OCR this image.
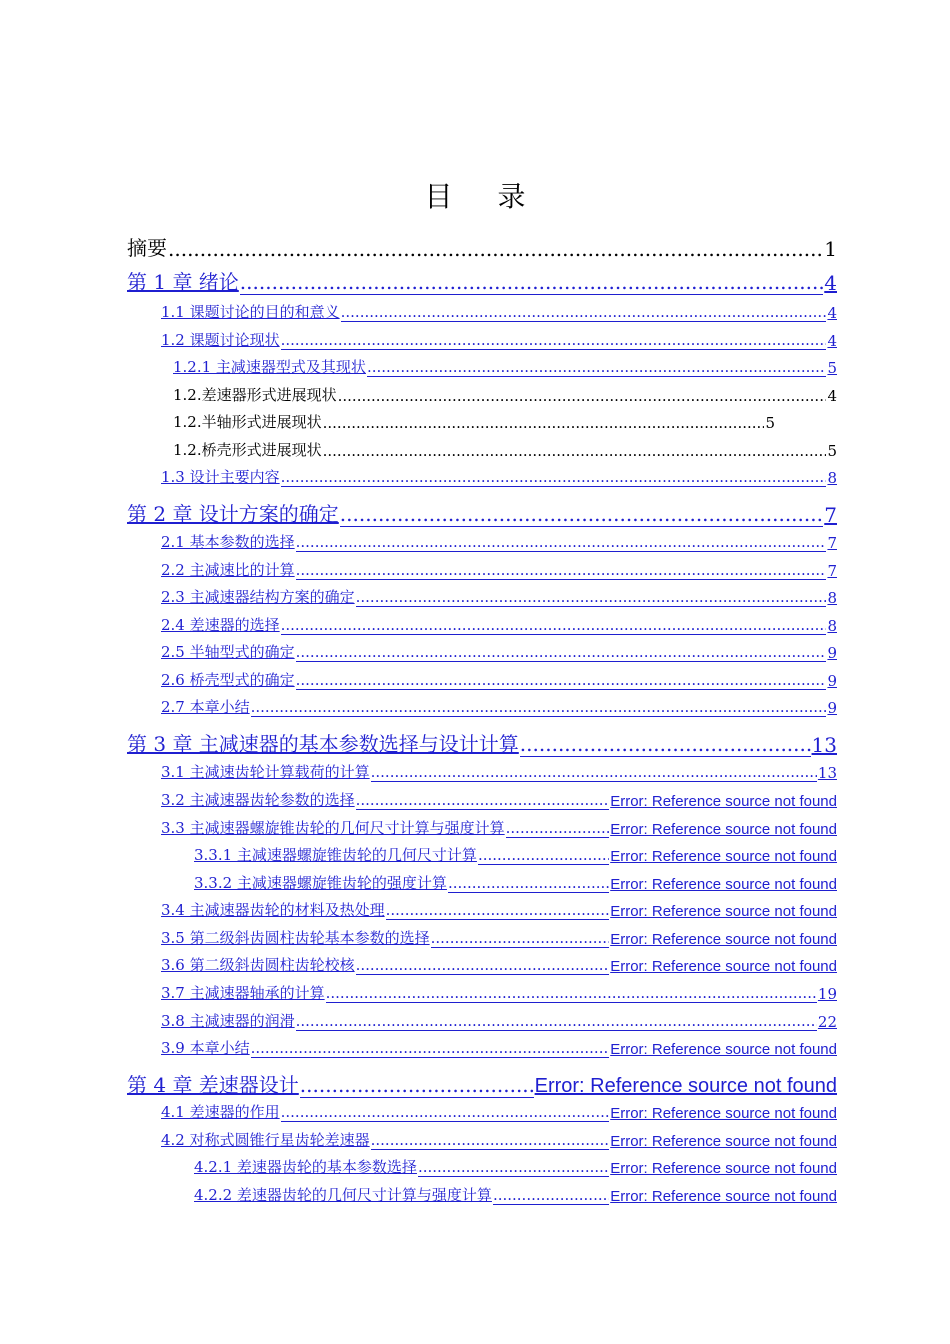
目 录
摘要 .....	1
第 1 章 绪论 .....	4
1.1 课题讨论的目的和意义 .....	4
1.2 课题讨论现状 .....	4
1.2.1 主减速器型式及其现状 .....	5
1.2.差速器形式进展现状 .....	4
1.2.半轴形式进展现状 .....	5
1.2.桥壳形式进展现状 .....	5
1.3 设计主要内容 .....	8
第 2 章 设计方案的确定 .....	7
2.1 基本参数的选择 .....	7
2.2 主减速比的计算 .....	7
2.3 主减速器结构方案的确定 .....	8
2.4 差速器的选择 .....	8
2.5 半轴型式的确定 .....	9
2.6 桥壳型式的确定 .....	9
2.7 本章小结 .....	9
第 3 章 主减速器的基本参数选择与设计计算 .....	13
3.1 主减速齿轮计算载荷的计算 .....	13
3.2 主减速器齿轮参数的选择 .....	Error: Reference source not found
3.3 主减速器螺旋锥齿轮的几何尺寸计算与强度计算 .....	Error: Reference source not found
3.3.1 主减速器螺旋锥齿轮的几何尺寸计算 .....	Error: Reference source not found
3.3.2 主减速器螺旋锥齿轮的强度计算 .....	Error: Reference source not found
3.4 主减速器齿轮的材料及热处理 .....	Error: Reference source not found
3.5 第二级斜齿圆柱齿轮基本参数的选择 .....	Error: Reference source not found
3.6 第二级斜齿圆柱齿轮校核 .....	Error: Reference source not found
3.7 主减速器轴承的计算 .....	19
3.8 主减速器的润滑 .....	22
3.9 本章小结 .....	Error: Reference source not found
第 4 章 差速器设计 .....	Error: Reference source not found
4.1 差速器的作用 .....	Error: Reference source not found
4.2 对称式圆锥行星齿轮差速器 .....	Error: Reference source not found
4.2.1 差速器齿轮的基本参数选择 .....	Error: Reference source not found
4.2.2 差速器齿轮的几何尺寸计算与强度计算 .....	Error: Reference source not found
